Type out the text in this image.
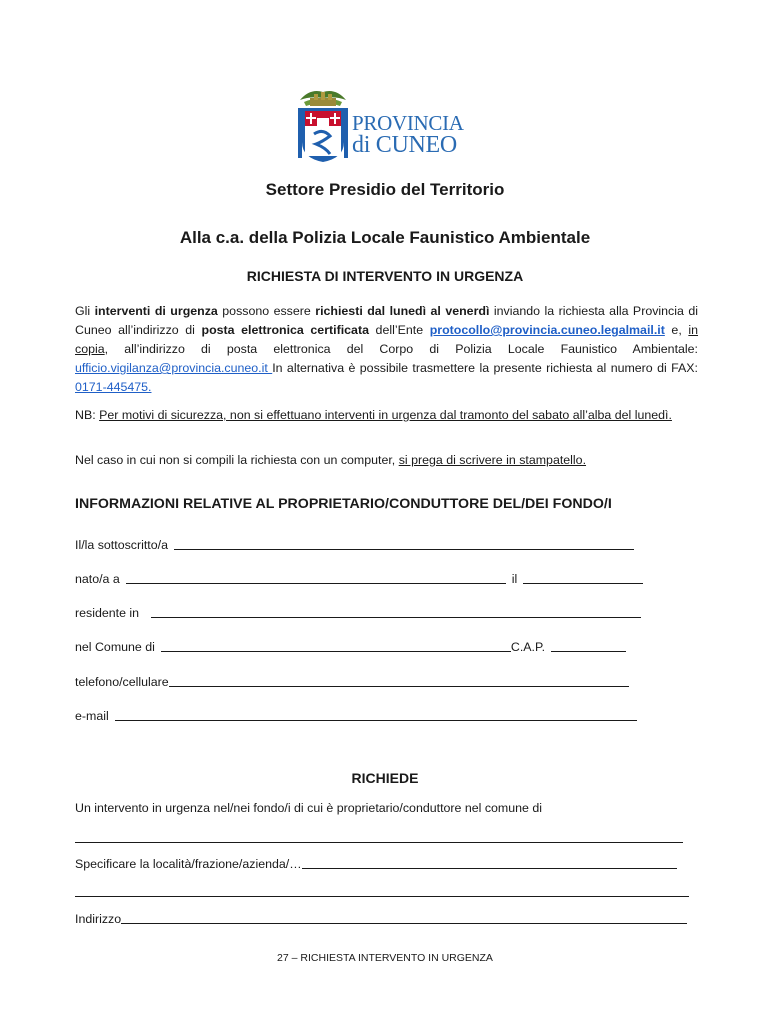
PROVINCIA
di CUNEO
Settore Presidio del Territorio
Alla c.a. della Polizia Locale Faunistico Ambientale
RICHIESTA DI INTERVENTO IN URGENZA
Gli interventi di urgenza possono essere richiesti dal lunedì al venerdì inviando la richiesta alla Provincia di Cuneo all’indirizzo di posta elettronica certificata dell’Ente protocollo@provincia.cuneo.legalmail.it e, in copia, all’indirizzo di posta elettronica del Corpo di Polizia Locale Faunistico Ambientale: ufficio.vigilanza@provincia.cuneo.it In alternativa è possibile trasmettere la presente richiesta al numero di FAX: 0171-445475.
NB: Per motivi di sicurezza, non si effettuano interventi in urgenza dal tramonto del sabato all’alba del lunedì.
Nel caso in cui non si compili la richiesta con un computer, si prega di scrivere in stampatello.
INFORMAZIONI RELATIVE AL PROPRIETARIO/CONDUTTORE DEL/DEI FONDO/I
Il/la sottoscritto/a
nato/a a	il
residente in
nel Comune di	C.A.P.
telefono/cellulare
e-mail
RICHIEDE
Un intervento in urgenza nel/nei fondo/i di cui è proprietario/conduttore nel comune di
Specificare la località/frazione/azienda/…
Indirizzo
27 – RICHIESTA INTERVENTO IN URGENZA
